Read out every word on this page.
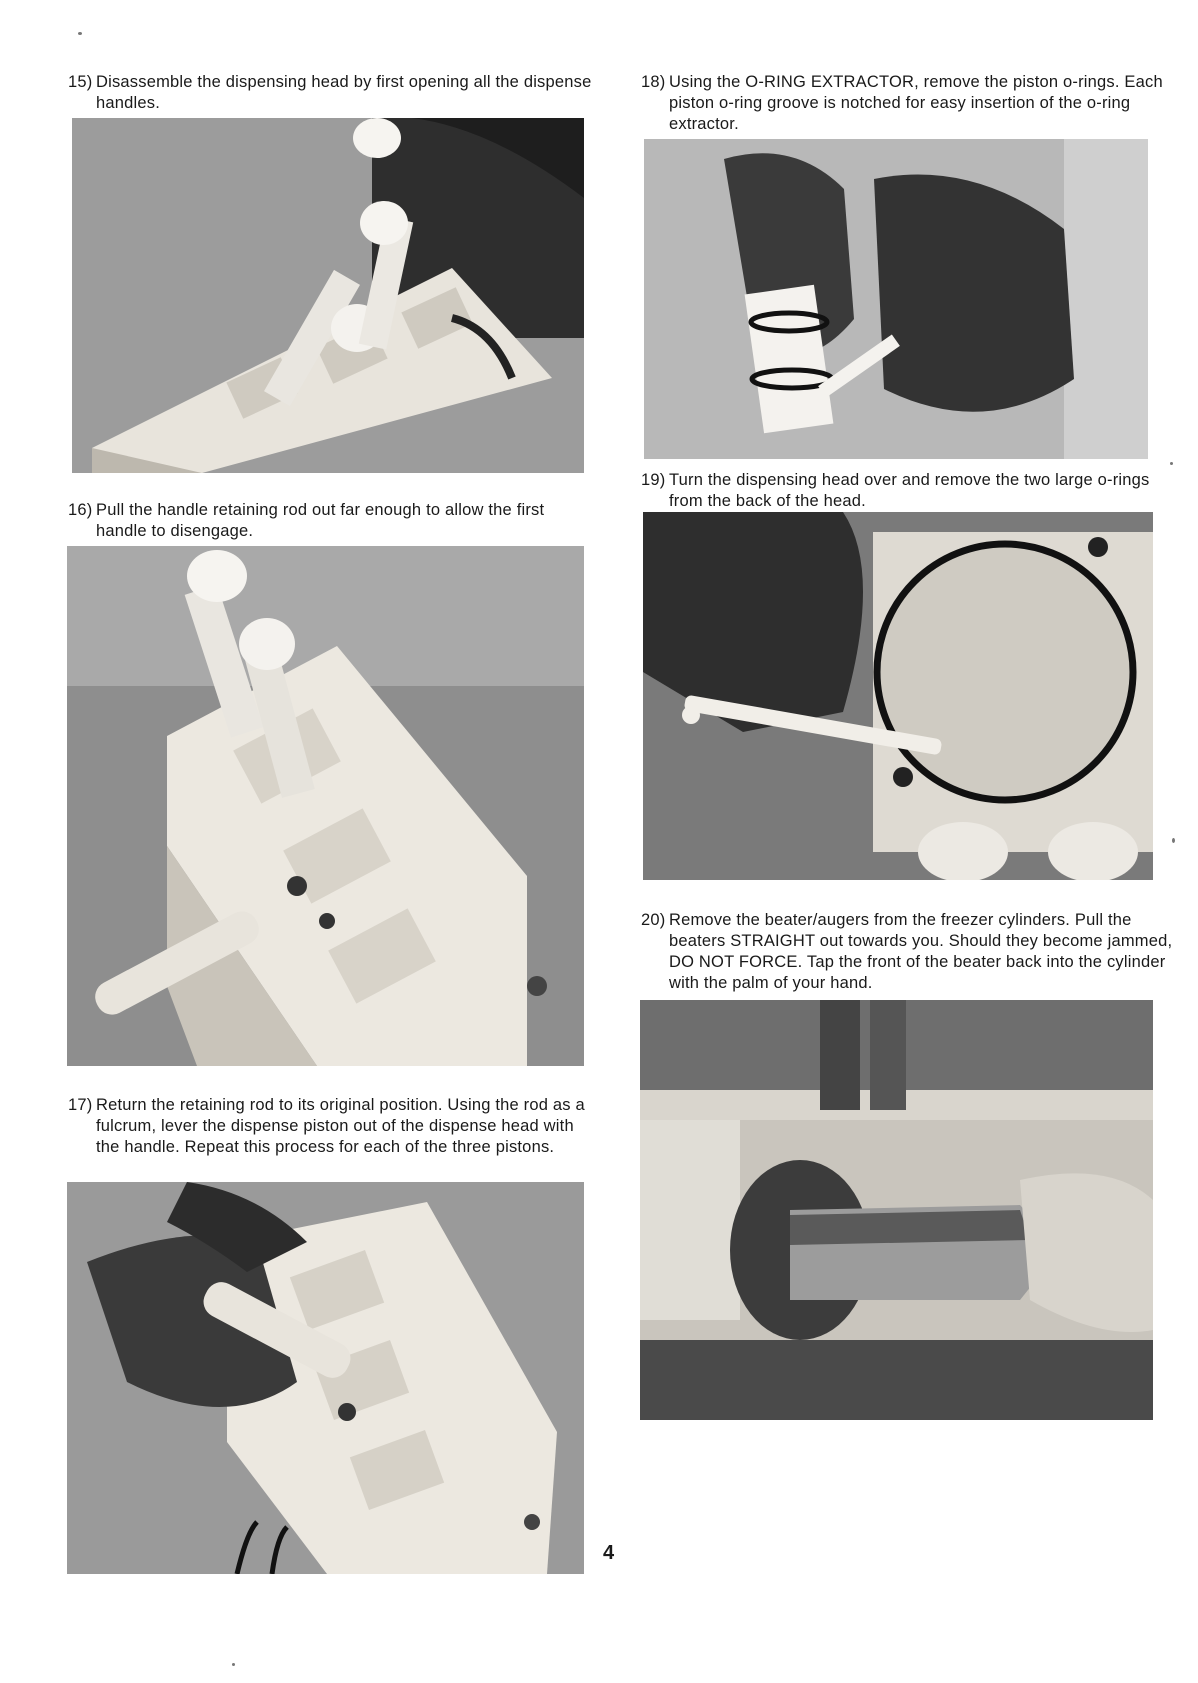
15) Disassemble the dispensing head by first opening all the dispense handles.
16) Pull the handle retaining rod out far enough to allow the first handle to disengage.
17) Return the retaining rod to its original position. Using the rod as a fulcrum, lever the dispense piston out of the dispense head with the handle. Repeat this process for each of the three pistons.
18) Using the O-RING EXTRACTOR, remove the piston o-rings. Each piston o-ring groove is notched for easy insertion of the o-ring extractor.
19) Turn the dispensing head over and remove the two large o-rings from the back of the head.
20) Remove the beater/augers from the freezer cylinders. Pull the beaters STRAIGHT out towards you. Should they become jammed, DO NOT FORCE. Tap the front of the beater back into the cylinder with the palm of your hand.
4
